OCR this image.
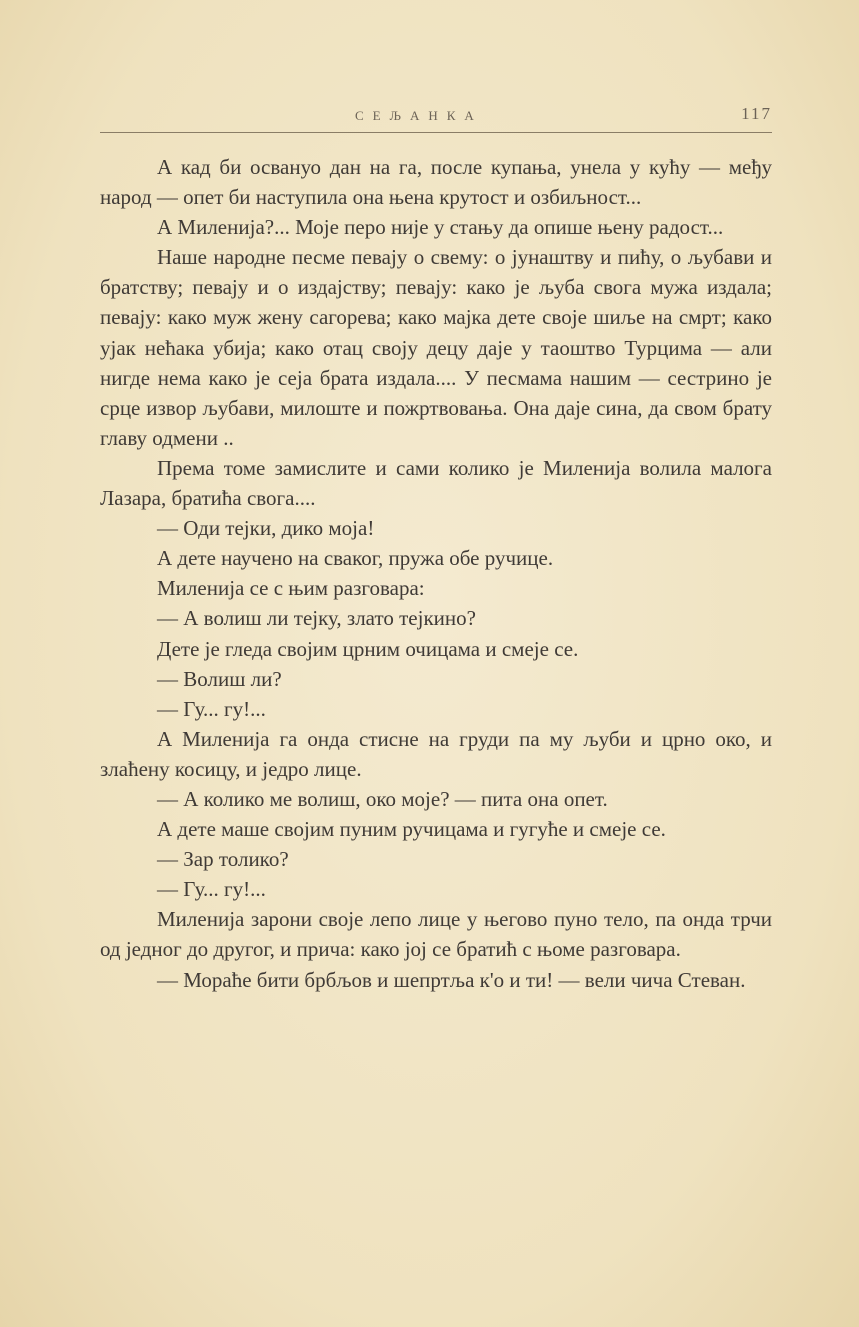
СЕЉАНКА	117

А кад би освануо дан на га, после купања, унела у кућу — међу народ — опет би наступила она њена крутост и озбиљност...

А Миленија?... Моје перо није у стању да опише њену радост...

Наше народне песме певају о свему: о јунаштву и пићу, о љубави и братству; певају и о издајству; певају: како је љуба свога мужа издала; певају: како муж жену сагорева; како мајка дете своје шиље на смрт; како ујак нећака убија; како отац своју децу даје у таоштво Турцима — али нигде нема како је сеја брата издала.... У песмама нашим — сестрино је срце извор љубави, милоште и пожртвовања. Она даје сина, да свом брату главу одмени ..

Према томе замислите и сами колико је Миленија волила малога Лазара, братића свога....

— Оди тејки, дико моја!

А дете научено на сваког, пружа обе ручице.

Миленија се с њим разговара:

— А волиш ли тејку, злато тејкино?

Дете је гледа својим црним очицама и смеје се.

— Волиш ли?

— Гу... гу!...

А Миленија га онда стисне на груди па му љуби и црно око, и злаћену косицу, и једро лице.

— А колико ме волиш, око моје? — пита она опет.

А дете маше својим пуним ручицама и гугуће и смеје се.

— Зар толико?

— Гу... гу!...

Миленија зарони своје лепо лице у његово пуно тело, па онда трчи од једног до другог, и прича: како јој се братић с њоме разговара.

— Мораће бити брбљов и шепртља к'о и ти! — вели чича Стеван.
